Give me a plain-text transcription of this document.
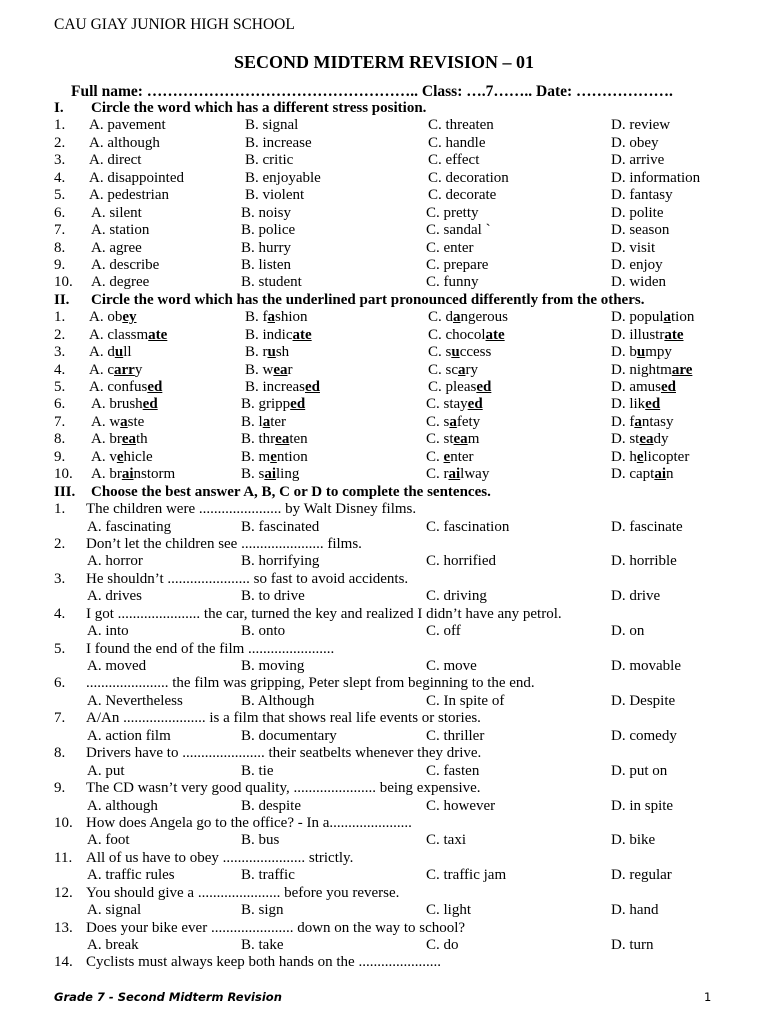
CAU GIAY JUNIOR HIGH SCHOOL
SECOND MIDTERM REVISION – 01
Full name: …………………………………………….. Class: ….7…….. Date: ……………….
I. Circle the word which has a different stress position.
1. A. pavement	B. signal	C. threaten	D. review
2. A. although	B. increase	C. handle	D. obey
3. A. direct	B. critic	C. effect	D. arrive
4. A. disappointed	B. enjoyable	C. decoration	D. information
5. A. pedestrian	B. violent	C. decorate	D. fantasy
6. A. silent	B. noisy	C. pretty	D. polite
7. A. station	B. police	C. sandal `	D. season
8. A. agree	B. hurry	C. enter	D. visit
9. A. describe	B. listen	C. prepare	D. enjoy
10. A. degree	B. student	C. funny	D. widen
II. Circle the word which has the underlined part pronounced differently from the others.
1. A. obey	B. fashion	C. dangerous	D. population
2. A. classmate	B. indicate	C. chocolate	D. illustrate
3. A. dull	B. rush	C. success	D. bumpy
4. A. carry	B. wear	C. scary	D. nightmare
5. A. confused	B. increased	C. pleased	D. amused
6. A. brushed	B. gripped	C. stayed	D. liked
7. A. waste	B. later	C. safety	D. fantasy
8. A. breath	B. threaten	C. steam	D. steady
9. A. vehicle	B. mention	C. enter	D. helicopter
10. A. brainstorm	B. sailing	C. railway	D. captain
III. Choose the best answer A, B, C or D to complete the sentences.
1. The children were ...................... by Walt Disney films.
A. fascinating	B. fascinated	C. fascination	D. fascinate
2. Don’t let the children see ...................... films.
A. horror	B. horrifying	C. horrified	D. horrible
3. He shouldn’t ...................... so fast to avoid accidents.
A. drives	B. to drive	C. driving	D. drive
4. I got ...................... the car, turned the key and realized I didn’t have any petrol.
A. into	B. onto	C. off	D. on
5. I found the end of the film .......................
A. moved	B. moving	C. move	D. movable
6. ...................... the film was gripping, Peter slept from beginning to the end.
A. Nevertheless	B. Although	C. In spite of	D. Despite
7. A/An ...................... is a film that shows real life events or stories.
A. action film	B. documentary	C. thriller	D. comedy
8. Drivers have to ...................... their seatbelts whenever they drive.
A. put	B. tie	C. fasten	D. put on
9. The CD wasn’t very good quality, ...................... being expensive.
A. although	B. despite	C. however	D. in spite
10. How does Angela go to the office? - In a......................
A. foot	B. bus	C. taxi	D. bike
11. All of us have to obey ...................... strictly.
A. traffic rules	B. traffic	C. traffic jam	D. regular
12. You should give a ...................... before you reverse.
A. signal	B. sign	C. light	D. hand
13. Does your bike ever ...................... down on the way to school?
A. break	B. take	C. do	D. turn
14. Cyclists must always keep both hands on the ......................
Grade 7 - Second Midterm Revision	1
